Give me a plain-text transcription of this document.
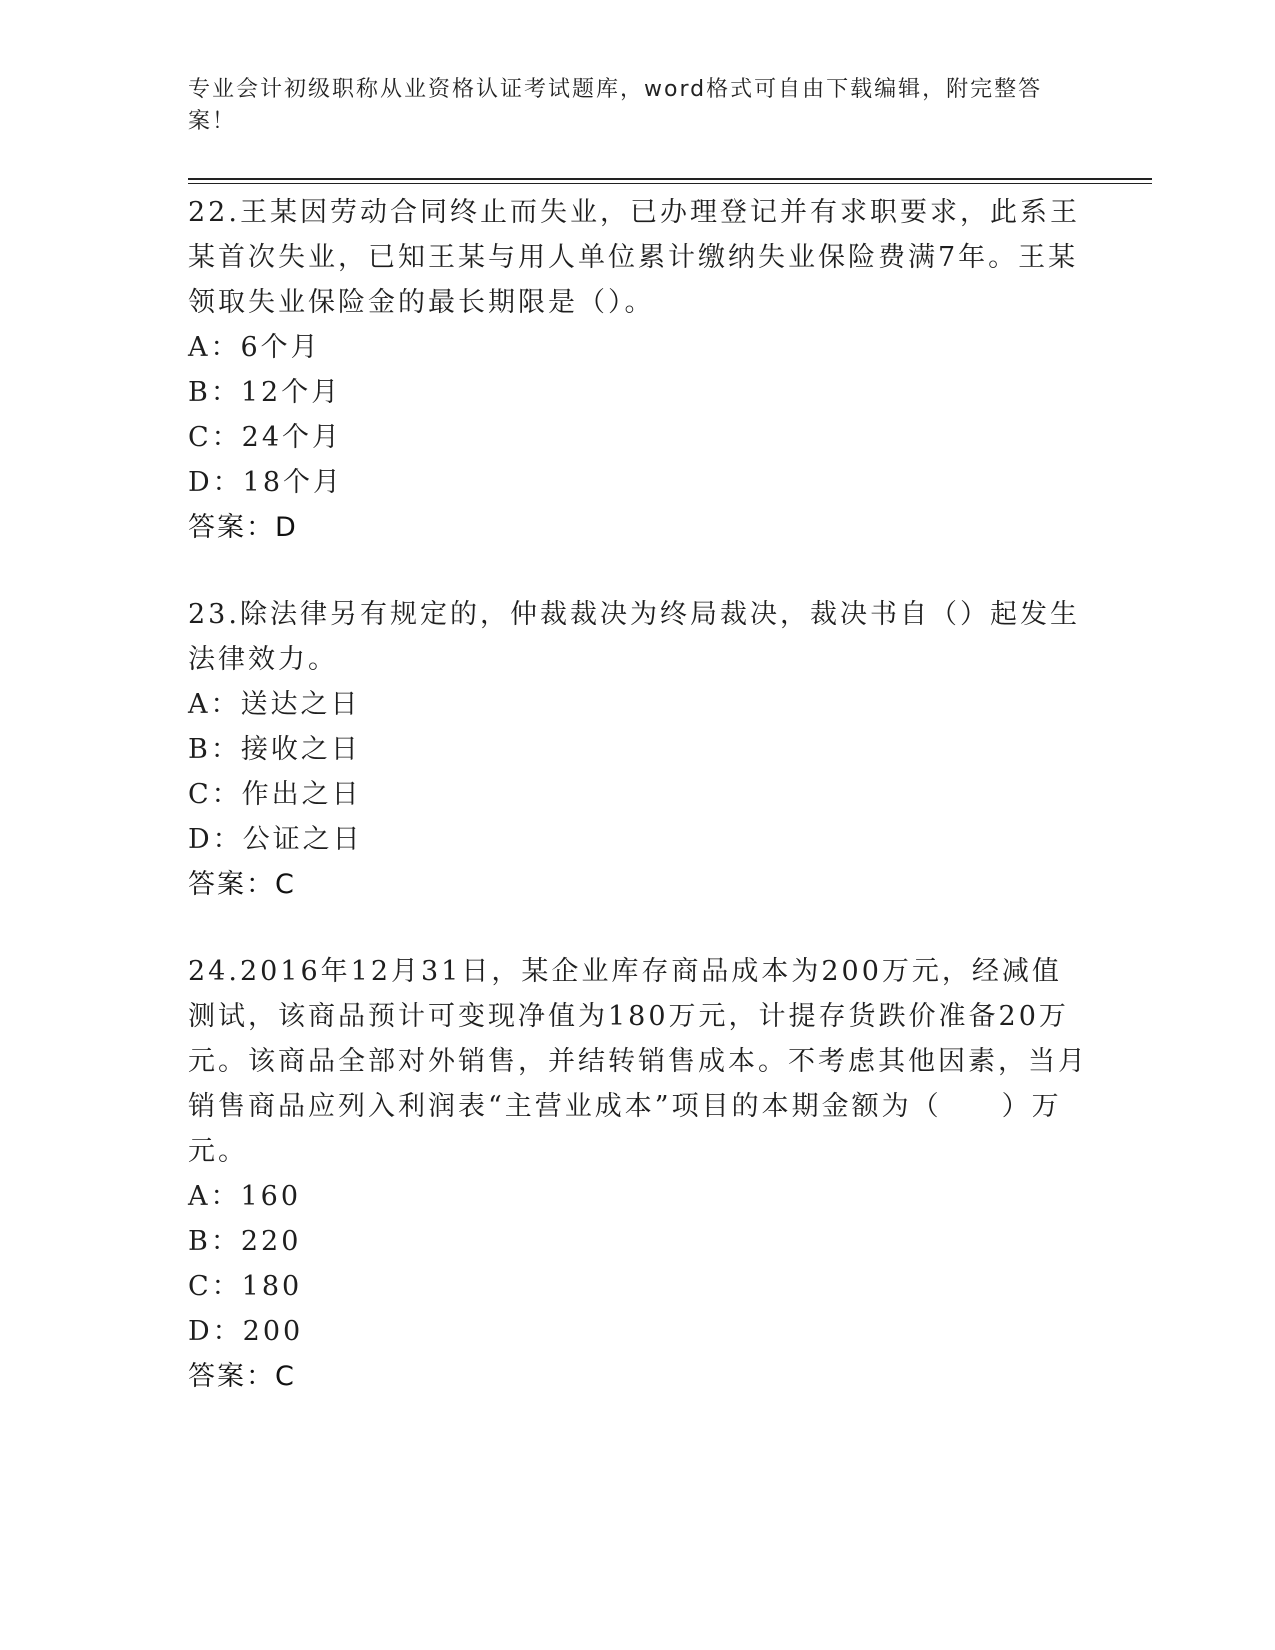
专业会计初级职称从业资格认证考试题库，word格式可自由下载编辑，附完整答案！
22.王某因劳动合同终止而失业，已办理登记并有求职要求，此系王某首次失业，已知王某与用人单位累计缴纳失业保险费满7年。王某领取失业保险金的最长期限是（）。
A：6个月
B：12个月
C：24个月
D：18个月
答案：D
23.除法律另有规定的，仲裁裁决为终局裁决，裁决书自（）起发生法律效力。
A：送达之日
B：接收之日
C：作出之日
D：公证之日
答案：C
24.2016年12月31日，某企业库存商品成本为200万元，经减值测试，该商品预计可变现净值为180万元，计提存货跌价准备20万元。该商品全部对外销售，并结转销售成本。不考虑其他因素，当月销售商品应列入利润表“主营业成本”项目的本期金额为（　　）万元。
A：160
B：220
C：180
D：200
答案：C
